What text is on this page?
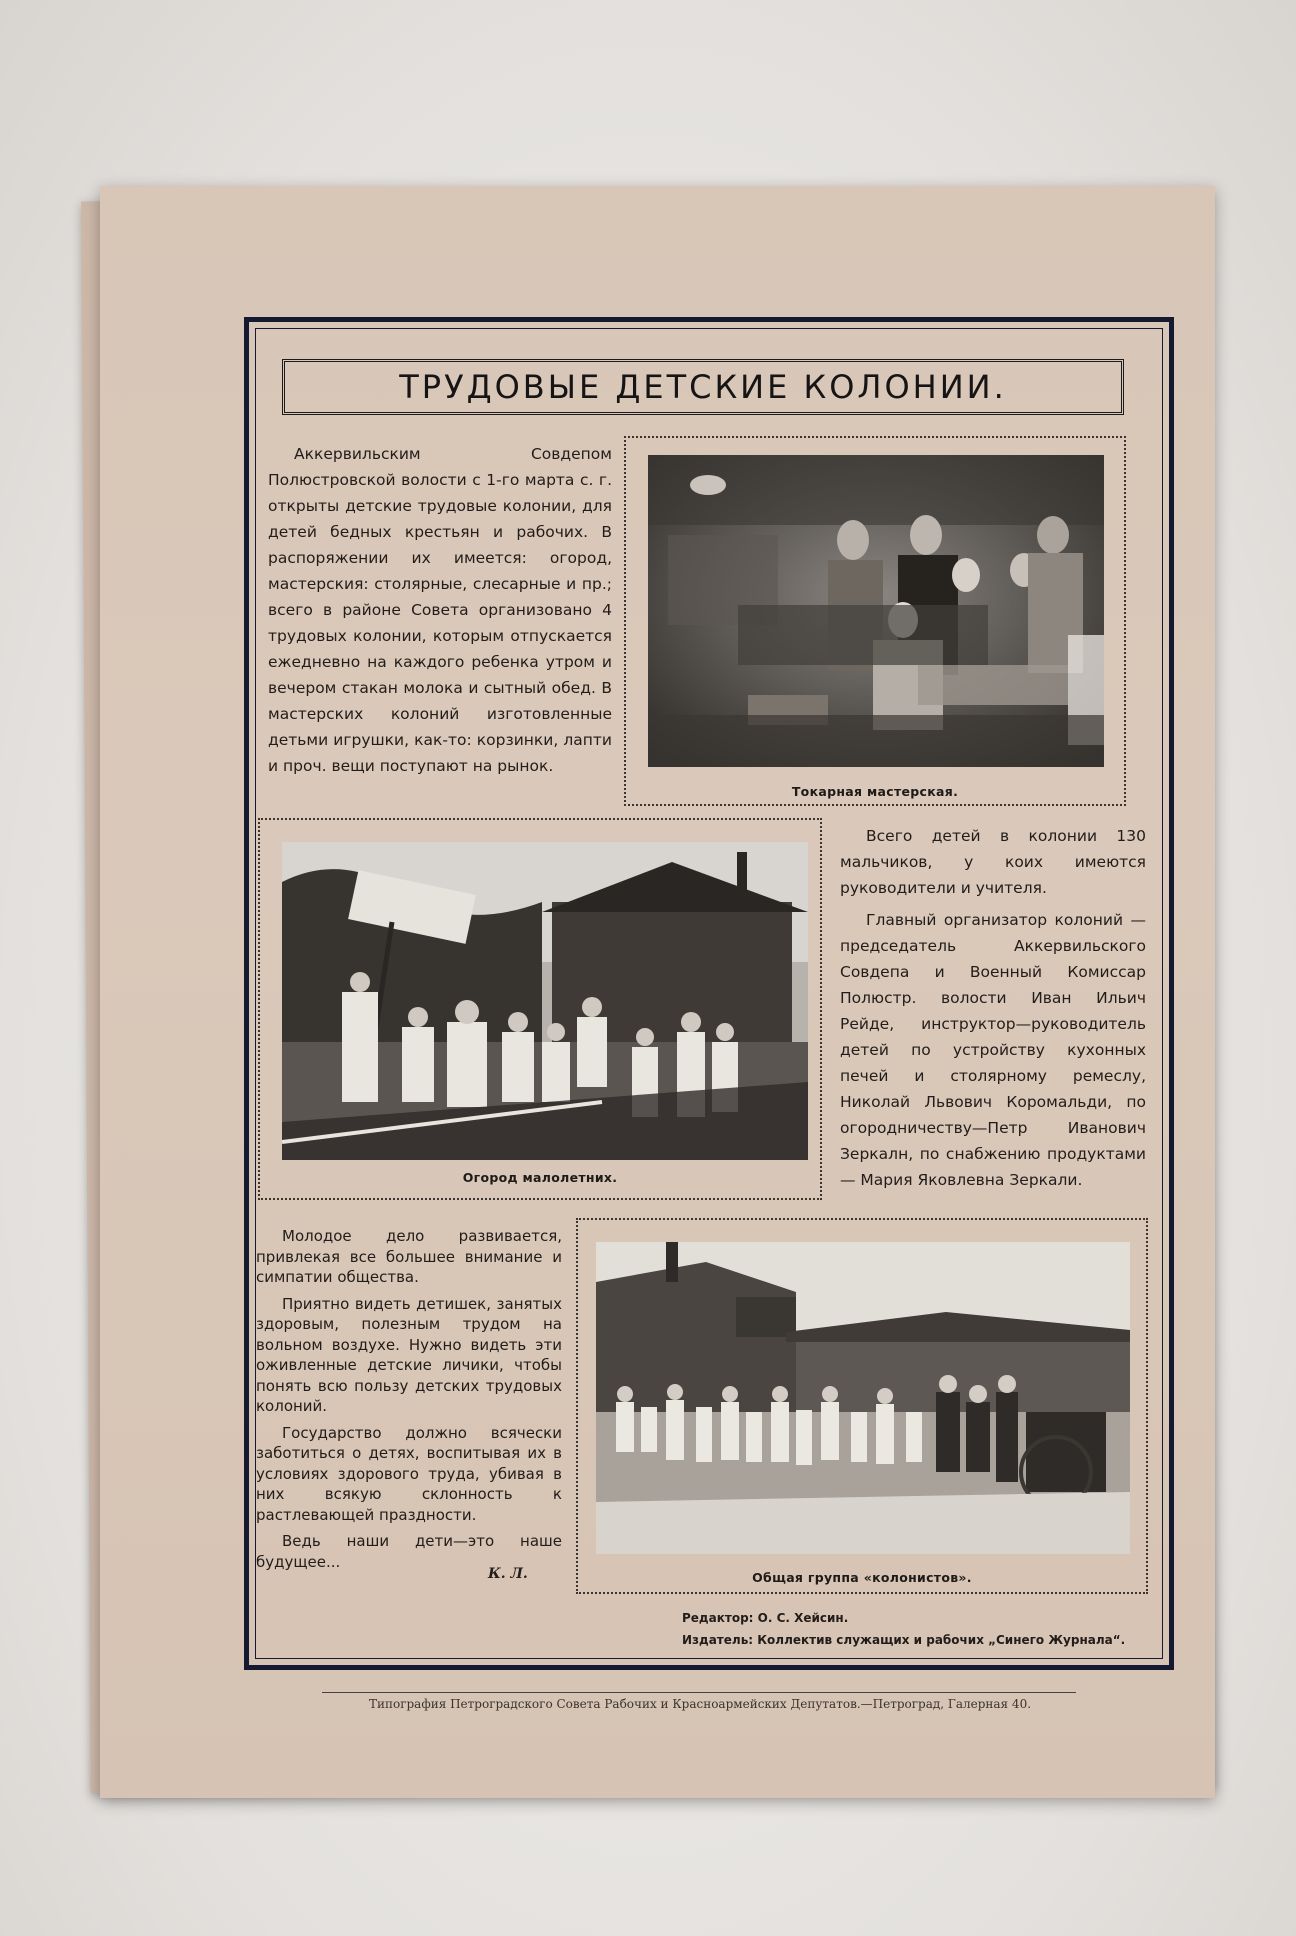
ТРУДОВЫЕ ДЕТСКИЕ КОЛОНИИ.

Аккервильским Совдепом Полюстровской волости с 1-го марта с. г. открыты детские трудовые колонии, для детей бедных крестьян и рабочих. В распоряжении их имеется: огород, мастерския: столярные, слесарные и пр.; всего в районе Совета организовано 4 трудовых колонии, которым отпускается ежедневно на каждого ребенка утром и вечером стакан молока и сытный обед. В мастерских колоний изготовленные детьми игрушки, как-то: корзинки, лапти и проч. вещи поступают на рынок.

Токарная мастерская.
Огород малолетних.

Всего детей в колонии 130 мальчиков, у коих имеются руководители и учителя.

Главный организатор колоний — председатель Аккервильского Совдепа и Военный Комиссар Полюстр. волости Иван Ильич Рейде, инструктор—руководитель детей по устройству кухонных печей и столярному ремеслу, Николай Львович Коромальди, по огородничеству—Петр Иванович Зеркалн, по снабжению продуктами — Мария Яковлевна Зеркали.

Молодое дело развивается, привлекая все большее внимание и симпатии общества.

Приятно видеть детишек, занятых здоровым, полезным трудом на вольном воздухе. Нужно видеть эти оживленные детские личики, чтобы понять всю пользу детских трудовых колоний.

Государство должно всячески заботиться о детях, воспитывая их в условиях здорового труда, убивая в них всякую склонность к растлевающей праздности.

Ведь наши дети—это наше будущее...

К. Л.	Общая группа «колонистов».
Редактор: О. С. Хейсин.
Издатель: Коллектив служащих и рабочих „Синего Журнала“.
Типография Петроградского Совета Рабочих и Красноармейских Депутатов.—Петроград, Галерная 40.
